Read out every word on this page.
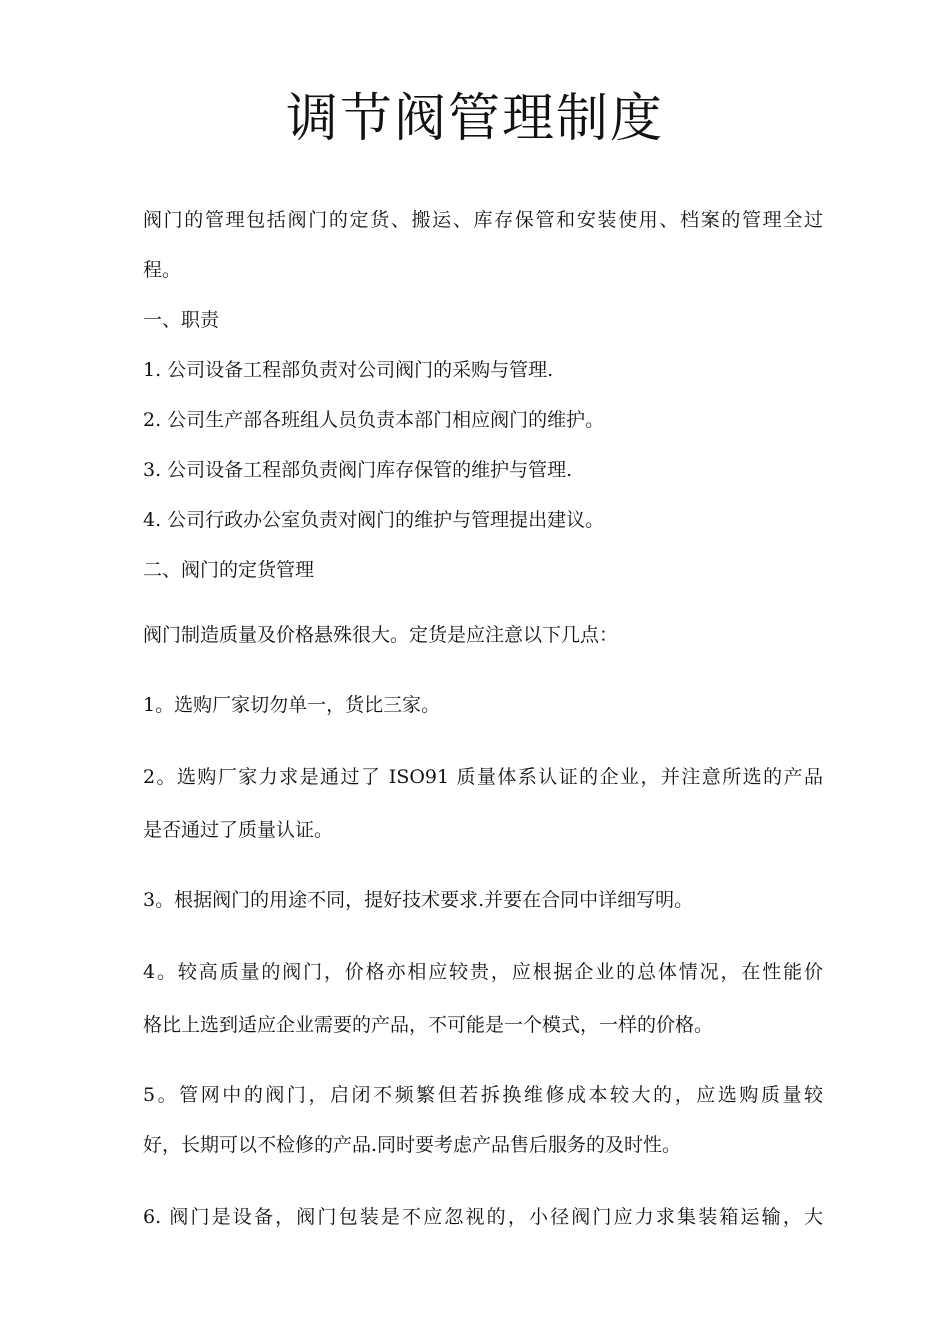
调节阀管理制度

阀门的管理包括阀门的定货、搬运、库存保管和安装使用、档案的管理全过

程。

一、职责

1. 公司设备工程部负责对公司阀门的采购与管理.

2. 公司生产部各班组人员负责本部门相应阀门的维护。

3. 公司设备工程部负责阀门库存保管的维护与管理.

4. 公司行政办公室负责对阀门的维护与管理提出建议。

二、阀门的定货管理

阀门制造质量及价格悬殊很大。定货是应注意以下几点：

1。选购厂家切勿单一，货比三家。

2。选购厂家力求是通过了 ISO91 质量体系认证的企业，并注意所选的产品

是否通过了质量认证。

3。根据阀门的用途不同，提好技术要求.并要在合同中详细写明。

4。较高质量的阀门，价格亦相应较贵，应根据企业的总体情况，在性能价

格比上选到适应企业需要的产品，不可能是一个模式，一样的价格。

5。管网中的阀门，启闭不频繁但若拆换维修成本较大的，应选购质量较

好，长期可以不检修的产品.同时要考虑产品售后服务的及时性。

6. 阀门是设备，阀门包装是不应忽视的，小径阀门应力求集装箱运输，大
